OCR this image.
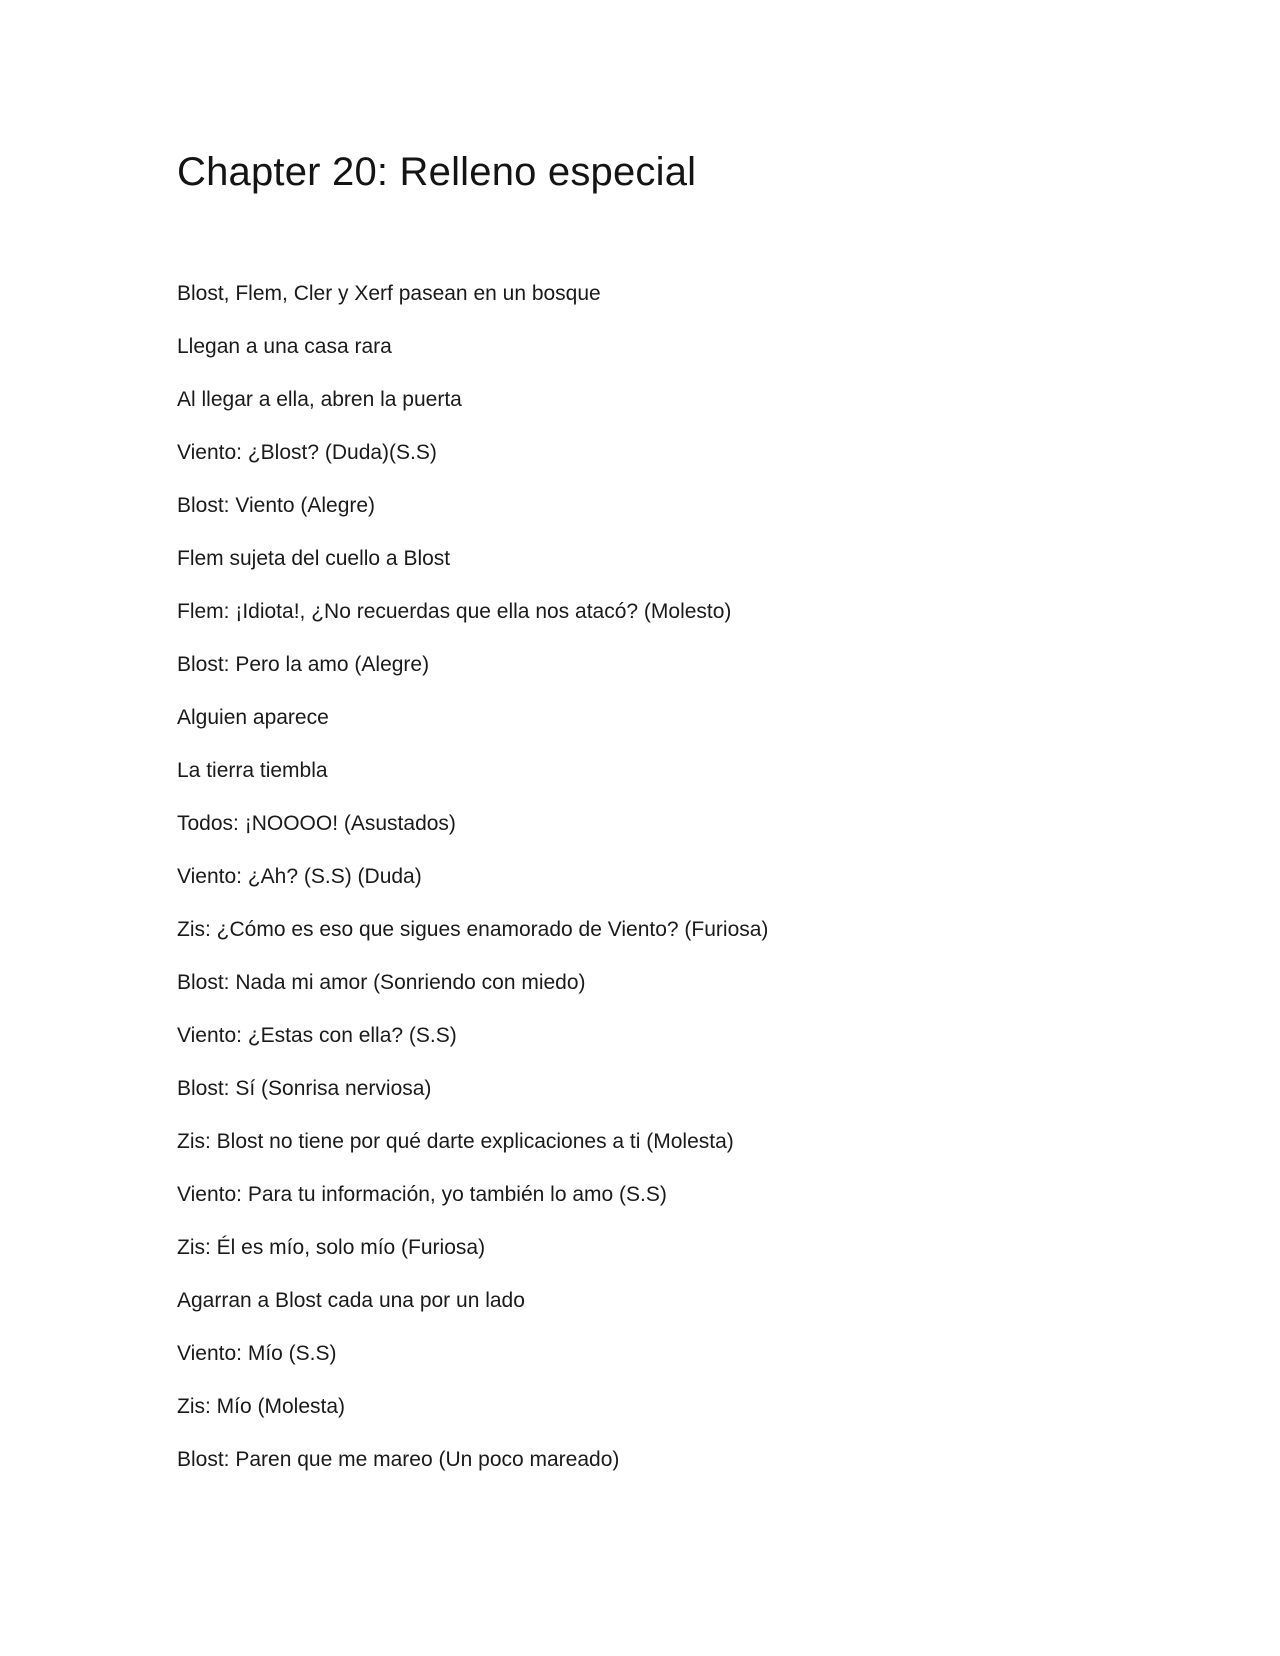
Chapter 20: Relleno especial
Blost, Flem, Cler y Xerf pasean en un bosque
Llegan a una casa rara
Al llegar a ella, abren la puerta
Viento: ¿Blost? (Duda)(S.S)
Blost: Viento (Alegre)
Flem sujeta del cuello a Blost
Flem: ¡Idiota!, ¿No recuerdas que ella nos atacó? (Molesto)
Blost: Pero la amo (Alegre)
Alguien aparece
La tierra tiembla
Todos: ¡NOOOO! (Asustados)
Viento: ¿Ah? (S.S) (Duda)
Zis: ¿Cómo es eso que sigues enamorado de Viento? (Furiosa)
Blost: Nada mi amor (Sonriendo con miedo)
Viento: ¿Estas con ella? (S.S)
Blost: Sí (Sonrisa nerviosa)
Zis: Blost no tiene por qué darte explicaciones a ti (Molesta)
Viento: Para tu información, yo también lo amo (S.S)
Zis: Él es mío, solo mío (Furiosa)
Agarran a Blost cada una por un lado
Viento: Mío (S.S)
Zis: Mío (Molesta)
Blost: Paren que me mareo (Un poco mareado)
